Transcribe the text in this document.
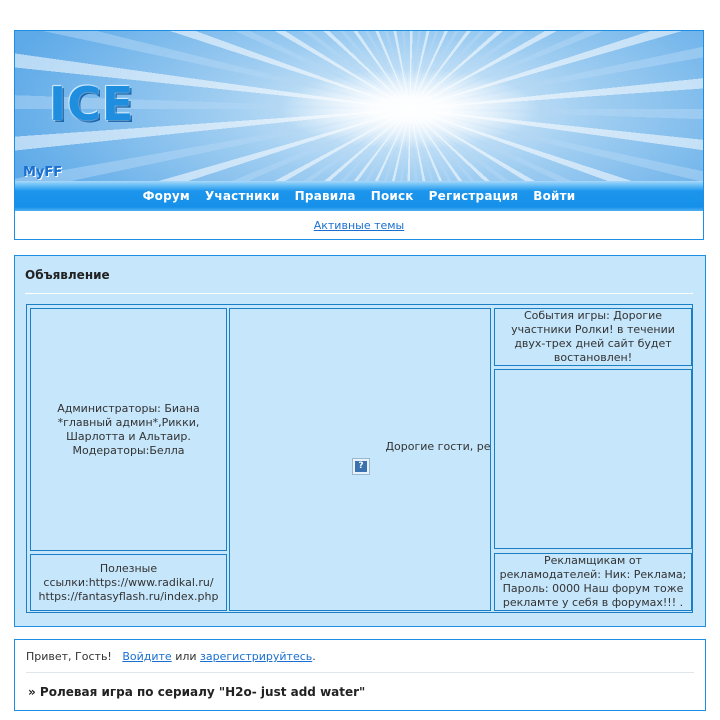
ICE
MyFF
Форум Участники Правила Поиск Регистрация Войти
Активные темы
Объявление
Администраторы: Биана *главный админ*,Рикки, Шарлотта и Альтаир. Модераторы:Белла
Полезные ссылки:https://www.radikal.ru/ https://fantasyflash.ru/index.php
?
Дорогие гости, ре
События игры: Дорогие участники Ролки! в течении двух-трех дней сайт будет востановлен!
Рекламщикам от рекламодателей: Ник: Реклама; Пароль: 0000 Наш форум тоже рекламте у себя в форумах!!! .
Привет, Гость! Войдите или зарегистрируйтесь.
» Ролевая игра по сериалу "H2o- just add water"
